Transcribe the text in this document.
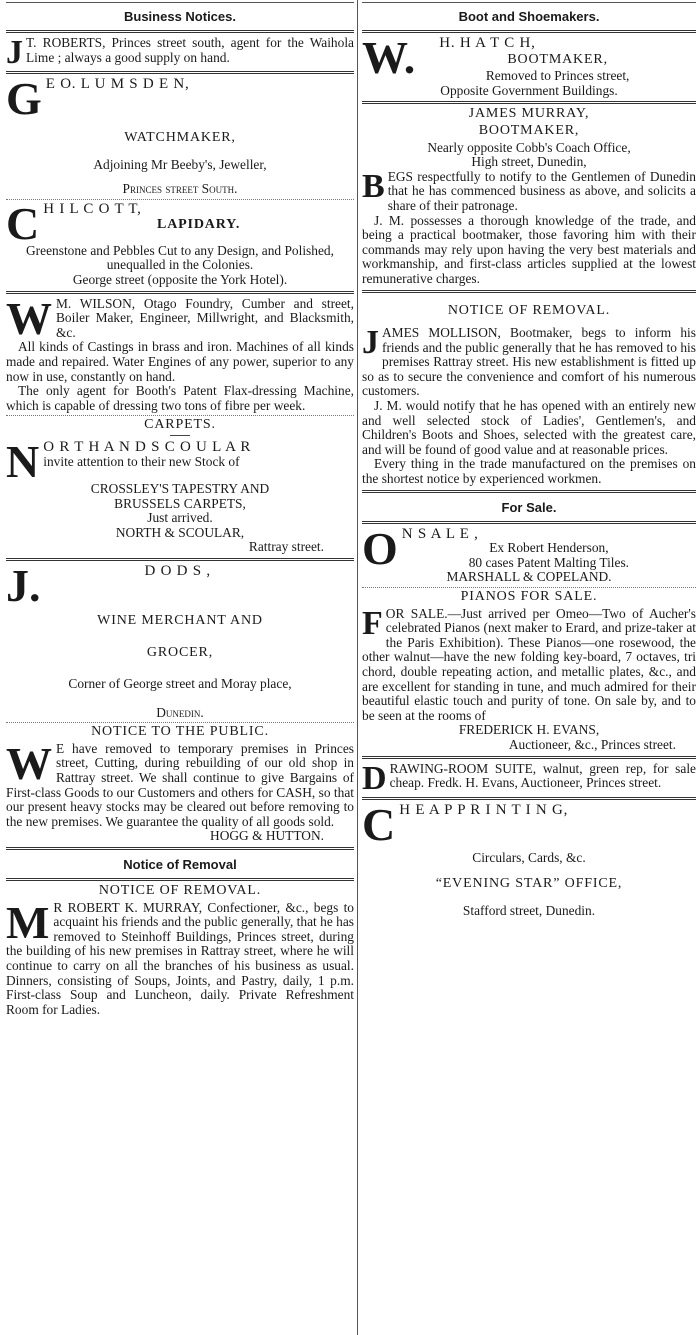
Business Notices.
J T. ROBERTS, Princes street south, agent for the Waihola Lime ; always a good supply on hand.

G E O. L U M S D E N,
WATCHMAKER,

Adjoining Mr Beeby's, Jeweller,

Princes street South.

C H I L C O T T,
LAPIDARY.

Greenstone and Pebbles Cut to any Design, and Polished, unequalled in the Colonies.

George street (opposite the York Hotel).

W M. WILSON, Otago Foundry, Cumber and street, Boiler Maker, Engineer, Millwright, and Blacksmith, &c.

All kinds of Castings in brass and iron. Machines of all kinds made and repaired. Water Engines of any power, superior to any now in use, constantly on hand.

The only agent for Booth's Patent Flax-dressing Machine, which is capable of dressing two tons of fibre per week.

CARPETS.
N O R T H A N D S C O U L A R

invite attention to their new Stock of

CROSSLEY'S TAPESTRY AND

BRUSSELS CARPETS,

Just arrived.

NORTH & SCOULAR,

Rattray street.

J.	D O D S ,
WINE MERCHANT AND
GROCER,

Corner of George street and Moray place,

Dunedin.

NOTICE TO THE PUBLIC.
W E have removed to temporary premises in Princes street, Cutting, during rebuilding of our old shop in Rattray street. We shall continue to give Bargains of First-class Goods to our Customers and others for CASH, so that our present heavy stocks may be cleared out before removing to the new premises. We guarantee the quality of all goods sold.

HOGG & HUTTON.

Notice of Removal
NOTICE OF REMOVAL.
M R ROBERT K. MURRAY, Confectioner, &c., begs to acquaint his friends and the public generally, that he has removed to Steinhoff Buildings, Princes street, during the building of his new premises in Rattray street, where he will continue to carry on all the branches of his business as usual. Dinners, consisting of Soups, Joints, and Pastry, daily, 1 p.m. First-class Soup and Luncheon, daily. Private Refreshment Room for Ladies.

Boot and Shoemakers.
W. H. H A T C H,
BOOTMAKER,

Removed to Princes street,

Opposite Government Buildings.

JAMES MURRAY,
BOOTMAKER,

Nearly opposite Cobb's Coach Office,

High street, Dunedin,

B EGS respectfully to notify to the Gentlemen of Dunedin that he has commenced business as above, and solicits a share of their patronage.

J. M. possesses a thorough knowledge of the trade, and being a practical bootmaker, those favoring him with their commands may rely upon having the very best materials and workmanship, and first-class articles supplied at the lowest remunerative charges.

NOTICE OF REMOVAL.
J AMES MOLLISON, Bootmaker, begs to inform his friends and the public generally that he has removed to his premises Rattray street. His new establishment is fitted up so as to secure the convenience and comfort of his numerous customers.

J. M. would notify that he has opened with an entirely new and well selected stock of Ladies', Gentlemen's, and Children's Boots and Shoes, selected with the greatest care, and will be found of good value and at reasonable prices.

Every thing in the trade manufactured on the premises on the shortest notice by experienced workmen.

For Sale.
O N S A L E ,

Ex Robert Henderson,

80 cases Patent Malting Tiles.

MARSHALL & COPELAND.

PIANOS FOR SALE.
F OR SALE.—Just arrived per Omeo—Two of Aucher's celebrated Pianos (next maker to Erard, and prize-taker at the Paris Exhibition). These Pianos—one rosewood, the other walnut—have the new folding key-board, 7 octaves, tri chord, double repeating action, and metallic plates, &c., and are excellent for standing in tune, and much admired for their beautiful elastic touch and purity of tone. On sale by, and to be seen at the rooms of

FREDERICK H. EVANS,

Auctioneer, &c., Princes street.

D RAWING-ROOM SUITE, walnut, green rep, for sale cheap. Fredk. H. Evans, Auctioneer, Princes street.

C H E A P P R I N T I N G,

Circulars, Cards, &c.

“EVENING STAR” OFFICE,

Stafford street, Dunedin.
